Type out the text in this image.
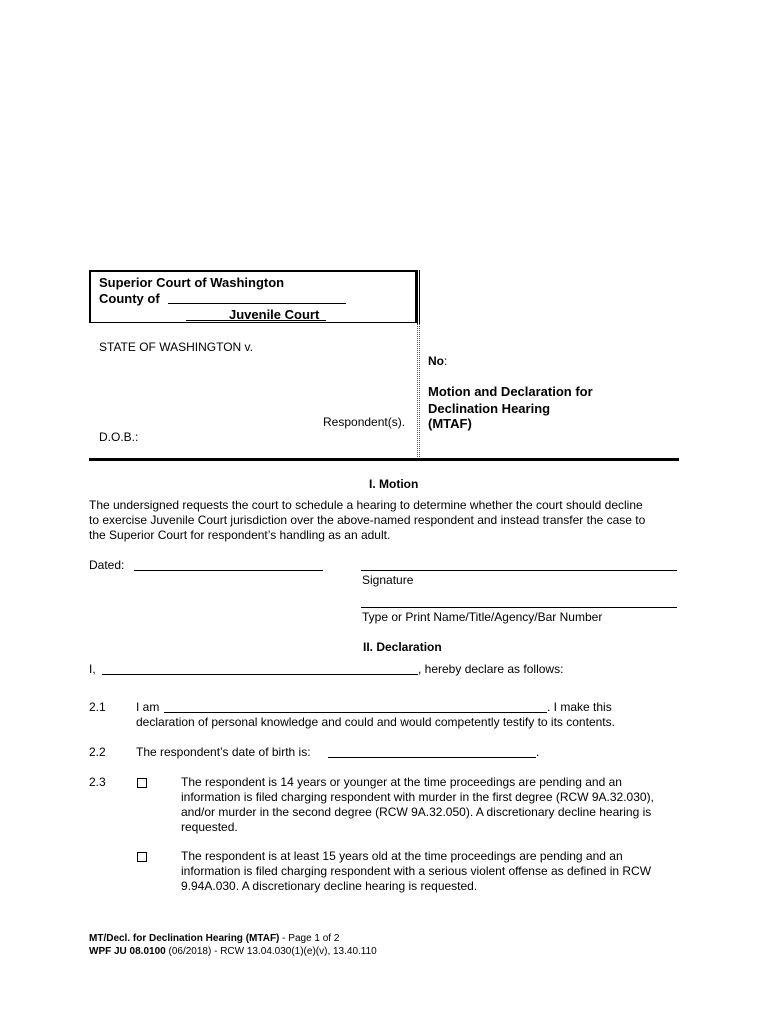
Superior Court of Washington
County of
Juvenile Court
STATE OF WASHINGTON v.
Respondent(s).
D.O.B.:
No:
Motion and Declaration for
Declination Hearing
(MTAF)
I. Motion
The undersigned requests the court to schedule a hearing to determine whether the court should decline
to exercise Juvenile Court jurisdiction over the above-named respondent and instead transfer the case to
the Superior Court for respondent’s handling as an adult.
Dated:
Signature
Type or Print Name/Title/Agency/Bar Number
II. Declaration
I,	, hereby declare as follows:
2.1	I am	. I make this
declaration of personal knowledge and could and would competently testify to its contents.
2.2	The respondent’s date of birth is:	.
2.3	The respondent is 14 years or younger at the time proceedings are pending and an
information is filed charging respondent with murder in the first degree (RCW 9A.32.030),
and/or murder in the second degree (RCW 9A.32.050). A discretionary decline hearing is
requested.
The respondent is at least 15 years old at the time proceedings are pending and an
information is filed charging respondent with a serious violent offense as defined in RCW
9.94A.030. A discretionary decline hearing is requested.
MT/Decl. for Declination Hearing (MTAF) - Page 1 of 2
WPF JU 08.0100 (06/2018) - RCW 13.04.030(1)(e)(v), 13.40.110
